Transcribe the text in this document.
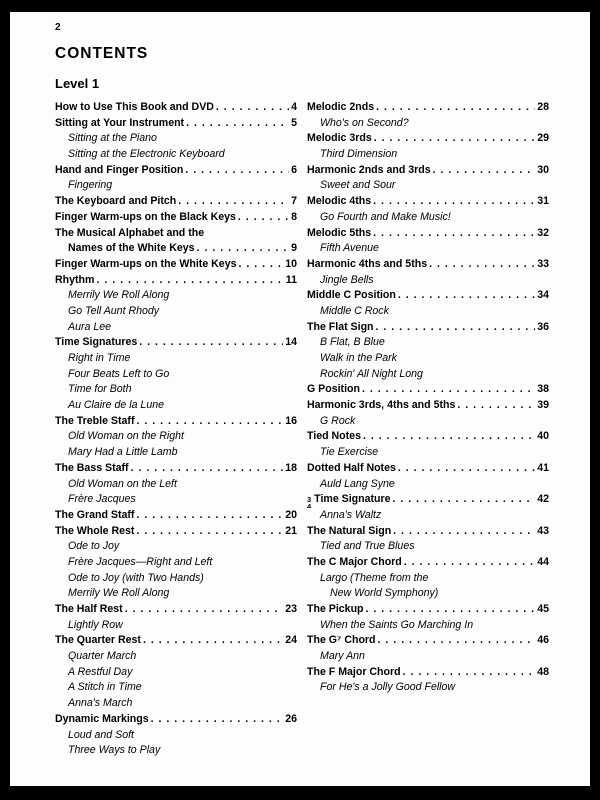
2
CONTENTS
Level 1
How to Use This Book and DVD . . .	4
Sitting at Your Instrument . . .	5
Sitting at the Piano
Sitting at the Electronic Keyboard
Hand and Finger Position . . .	6
Fingering
The Keyboard and Pitch . . .	7
Finger Warm-ups on the Black Keys . . .	8
The Musical Alphabet and the
Names of the White Keys . . .	9
Finger Warm-ups on the White Keys . . .	10
Rhythm . . .	11
Merrily We Roll Along
Go Tell Aunt Rhody
Aura Lee
Time Signatures . . .	14
Right in Time
Four Beats Left to Go
Time for Both
Au Claire de la Lune
The Treble Staff . . .	16
Old Woman on the Right
Mary Had a Little Lamb
The Bass Staff . . .	18
Old Woman on the Left
Frère Jacques
The Grand Staff . . .	20
The Whole Rest . . .	21
Ode to Joy
Frère Jacques—Right and Left
Ode to Joy (with Two Hands)
Merrily We Roll Along
The Half Rest . . .	23
Lightly Row
The Quarter Rest . . .	24
Quarter March
A Restful Day
A Stitch in Time
Anna's March
Dynamic Markings . . .	26
Loud and Soft
Three Ways to Play
Melodic 2nds . . .	28
Who's on Second?
Melodic 3rds . . .	29
Third Dimension
Harmonic 2nds and 3rds . . .	30
Sweet and Sour
Melodic 4ths . . .	31
Go Fourth and Make Music!
Melodic 5ths . . .	32
Fifth Avenue
Harmonic 4ths and 5ths . . .	33
Jingle Bells
Middle C Position . . .	34
Middle C Rock
The Flat Sign . . .	36
B Flat, B Blue
Walk in the Park
Rockin' All Night Long
G Position . . .	38
Harmonic 3rds, 4ths and 5ths . . .	39
G Rock
Tied Notes . . .	40
Tie Exercise
Dotted Half Notes . . .	41
Auld Lang Syne
3
4
Time Signature . . .	42
Anna's Waltz
The Natural Sign . . .	43
Tied and True Blues
The C Major Chord . . .	44
Largo (Theme from the
New World Symphony)
The Pickup . . .	45
When the Saints Go Marching In
The G⁷ Chord . . .	46
Mary Ann
The F Major Chord . . .	48
For He's a Jolly Good Fellow
